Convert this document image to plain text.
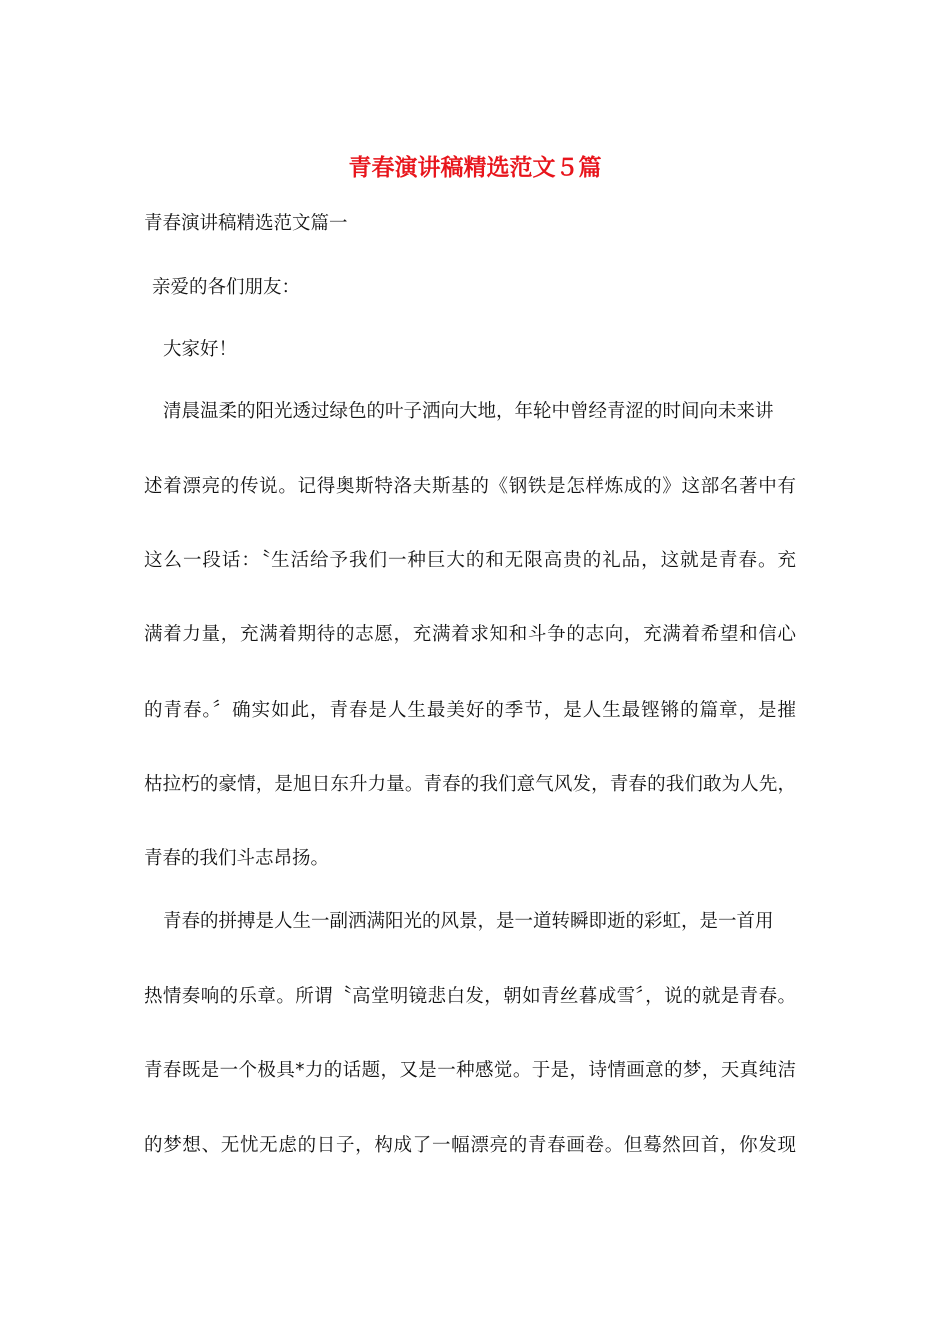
青春演讲稿精选范文５篇

青春演讲稿精选范文篇一

亲爱的各们朋友：

大家好！

清晨温柔的阳光透过绿色的叶子洒向大地，年轮中曾经青涩的时间向未来讲

述着漂亮的传说。记得奥斯特洛夫斯基的《钢铁是怎样炼成的》这部名著中有

这么一段话：〝生活给予我们一种巨大的和无限高贵的礼品，这就是青春。充

满着力量，充满着期待的志愿，充满着求知和斗争的志向，充满着希望和信心

的青春。〞确实如此，青春是人生最美好的季节，是人生最铿锵的篇章，是摧

枯拉朽的豪情，是旭日东升力量。青春的我们意气风发，青春的我们敢为人先，

青春的我们斗志昂扬。

青春的拼搏是人生一副洒满阳光的风景，是一道转瞬即逝的彩虹，是一首用

热情奏响的乐章。所谓〝高堂明镜悲白发，朝如青丝暮成雪〞，说的就是青春。

青春既是一个极具*力的话题，又是一种感觉。于是，诗情画意的梦，天真纯洁

的梦想、无忧无虑的日子，构成了一幅漂亮的青春画卷。但蓦然回首，你发现
